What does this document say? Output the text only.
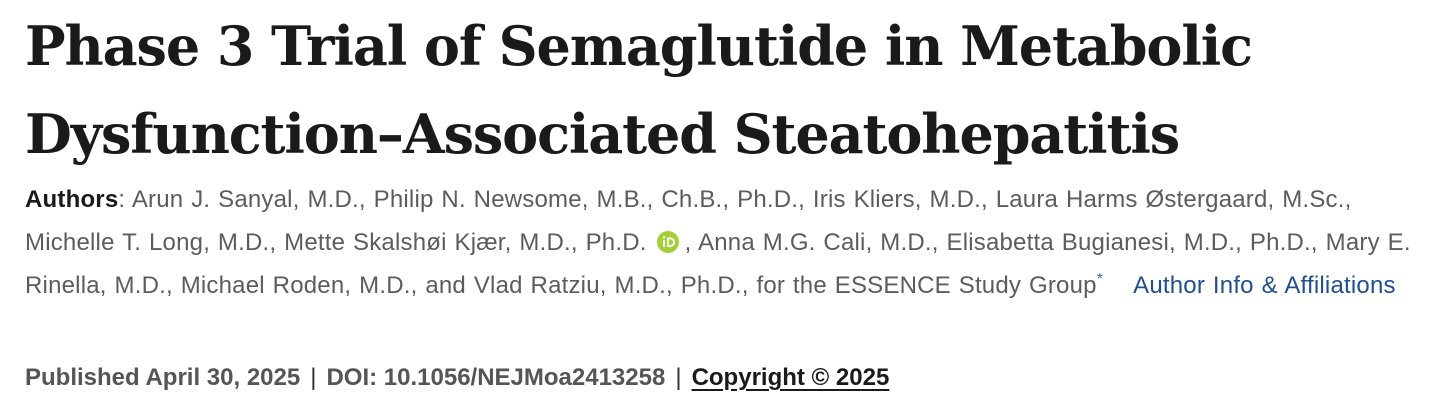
Phase 3 Trial of Semaglutide in Metabolic Dysfunction–Associated Steatohepatitis

Authors: Arun J. Sanyal, M.D., Philip N. Newsome, M.B., Ch.B., Ph.D., Iris Kliers, M.D., Laura Harms Østergaard, M.Sc., Michelle T. Long, M.D., Mette Skalshøi Kjær, M.D., Ph.D. , Anna M.G. Cali, M.D., Elisabetta Bugianesi, M.D., Ph.D., Mary E. Rinella, M.D., Michael Roden, M.D., and Vlad Ratziu, M.D., Ph.D., for the ESSENCE Study Group* Author Info & Affiliations

Published April 30, 2025 | DOI: 10.1056/NEJMoa2413258 | Copyright © 2025
